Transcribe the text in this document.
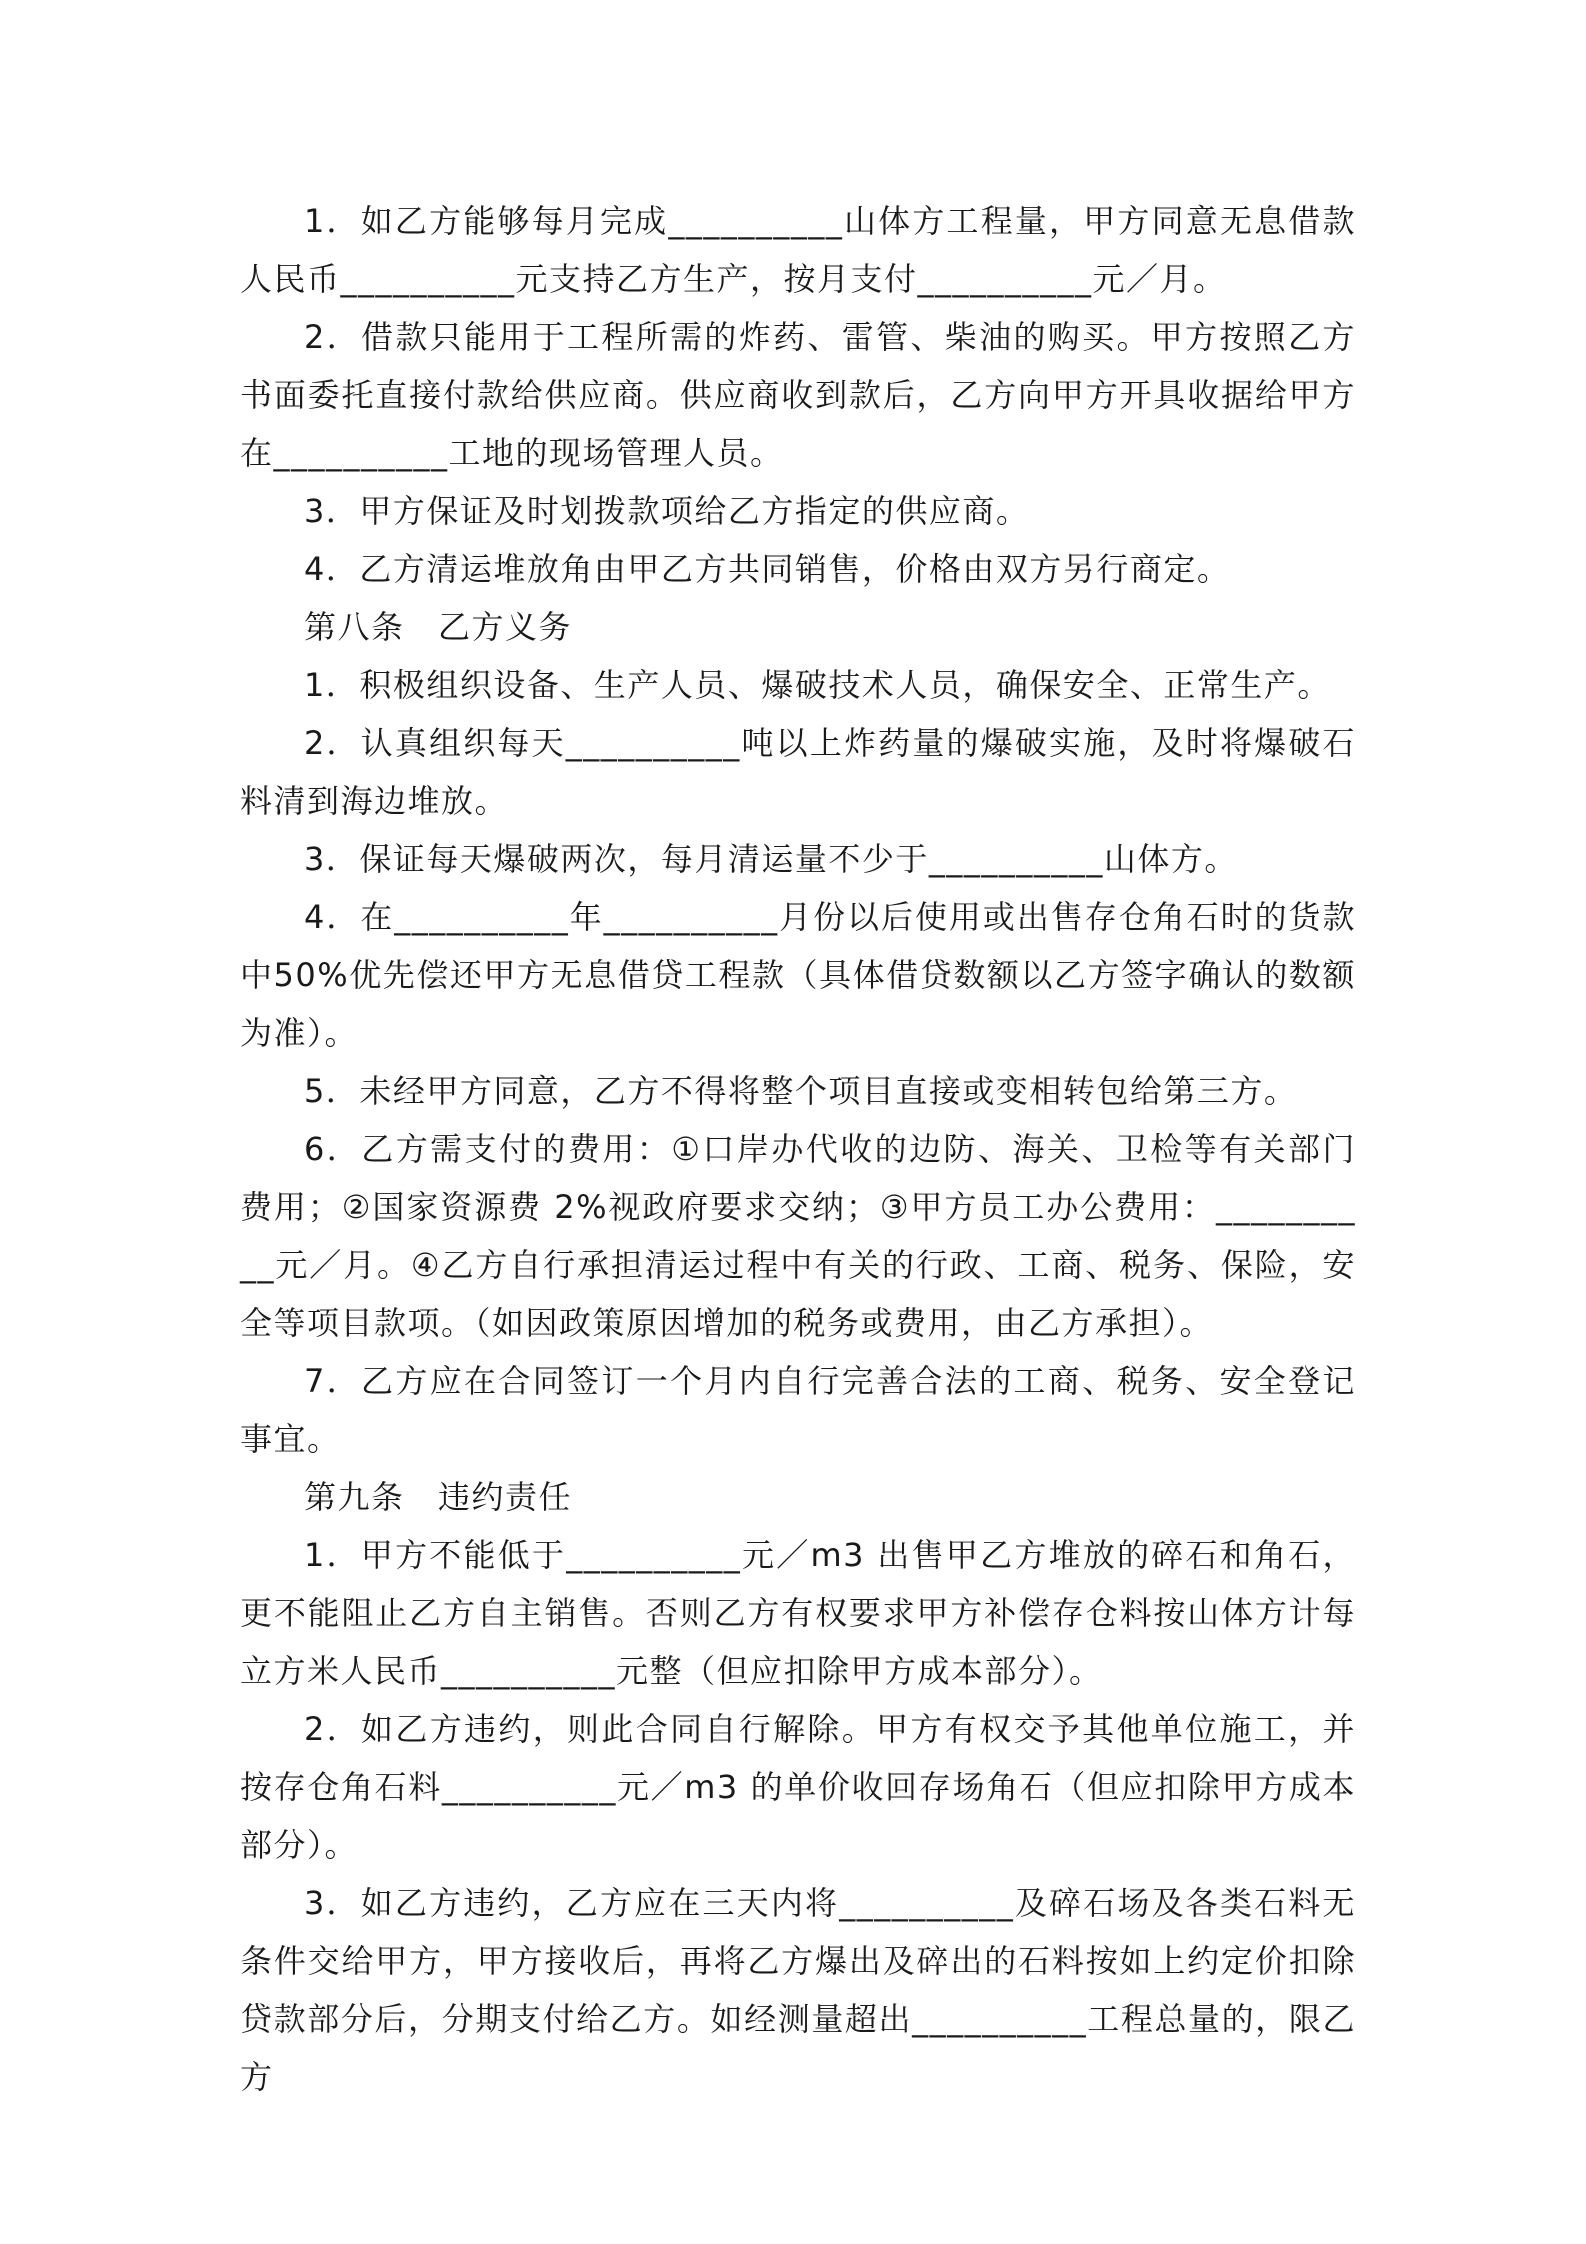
1．如乙方能够每月完成__________山体方工程量，甲方同意无息借款人民币__________元支持乙方生产，按月支付__________元／月。

2．借款只能用于工程所需的炸药、雷管、柴油的购买。甲方按照乙方书面委托直接付款给供应商。供应商收到款后，乙方向甲方开具收据给甲方在__________工地的现场管理人员。

3．甲方保证及时划拨款项给乙方指定的供应商。

4．乙方清运堆放角由甲乙方共同销售，价格由双方另行商定。

第八条　乙方义务

1．积极组织设备、生产人员、爆破技术人员，确保安全、正常生产。

2．认真组织每天__________吨以上炸药量的爆破实施，及时将爆破石料清到海边堆放。

3．保证每天爆破两次，每月清运量不少于__________山体方。

4．在__________年__________月份以后使用或出售存仓角石时的货款中50%优先偿还甲方无息借贷工程款（具体借贷数额以乙方签字确认的数额为准）。

5．未经甲方同意，乙方不得将整个项目直接或变相转包给第三方。

6．乙方需支付的费用：①口岸办代收的边防、海关、卫检等有关部门费用；②国家资源费 2%视政府要求交纳；③甲方员工办公费用：__________元／月。④乙方自行承担清运过程中有关的行政、工商、税务、保险，安全等项目款项。（如因政策原因增加的税务或费用，由乙方承担）。

7．乙方应在合同签订一个月内自行完善合法的工商、税务、安全登记事宜。

第九条　违约责任

1．甲方不能低于__________元／m3 出售甲乙方堆放的碎石和角石，更不能阻止乙方自主销售。否则乙方有权要求甲方补偿存仓料按山体方计每立方米人民币__________元整（但应扣除甲方成本部分）。

2．如乙方违约，则此合同自行解除。甲方有权交予其他单位施工，并按存仓角石料__________元／m3 的单价收回存场角石（但应扣除甲方成本部分）。

3．如乙方违约，乙方应在三天内将__________及碎石场及各类石料无条件交给甲方，甲方接收后，再将乙方爆出及碎出的石料按如上约定价扣除贷款部分后，分期支付给乙方。如经测量超出__________工程总量的，限乙方
